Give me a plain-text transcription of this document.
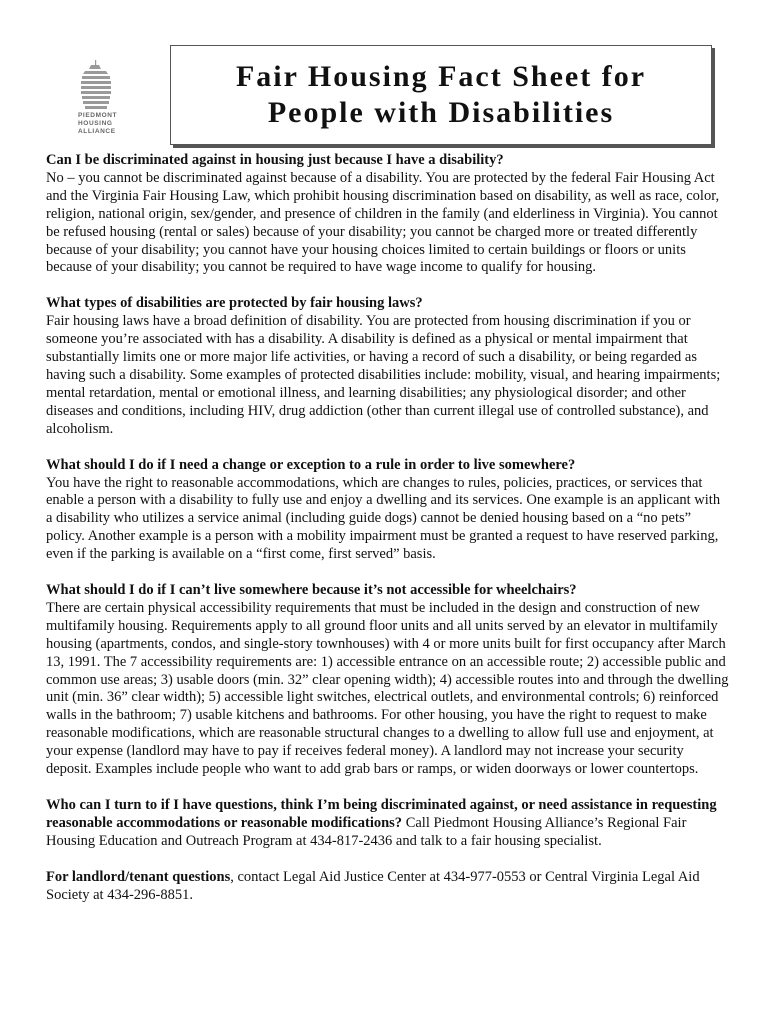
PIEDMONT
HOUSING
ALLIANCE
Fair Housing Fact Sheet for
People with Disabilities

Can I be discriminated against in housing just because I have a disability?

No – you cannot be discriminated against because of a disability. You are protected by the federal Fair Housing Act and the Virginia Fair Housing Law, which prohibit housing discrimination based on disability, as well as race, color, religion, national origin, sex/gender, and presence of children in the family (and elderliness in Virginia). You cannot be refused housing (rental or sales) because of your disability; you cannot be charged more or treated differently because of your disability; you cannot have your housing choices limited to certain buildings or floors or units because of your disability; you cannot be required to have wage income to qualify for housing.

What types of disabilities are protected by fair housing laws?

Fair housing laws have a broad definition of disability. You are protected from housing discrimination if you or someone you’re associated with has a disability. A disability is defined as a physical or mental impairment that substantially limits one or more major life activities, or having a record of such a disability, or being regarded as having such a disability. Some examples of protected disabilities include: mobility, visual, and hearing impairments; mental retardation, mental or emotional illness, and learning disabilities; any physiological disorder; and other diseases and conditions, including HIV, drug addiction (other than current illegal use of controlled substance), and alcoholism.

What should I do if I need a change or exception to a rule in order to live somewhere?

You have the right to reasonable accommodations, which are changes to rules, policies, practices, or services that enable a person with a disability to fully use and enjoy a dwelling and its services. One example is an applicant with a disability who utilizes a service animal (including guide dogs) cannot be denied housing based on a “no pets” policy. Another example is a person with a mobility impairment must be granted a request to have reserved parking, even if the parking is available on a “first come, first served” basis.

What should I do if I can’t live somewhere because it’s not accessible for wheelchairs?

There are certain physical accessibility requirements that must be included in the design and construction of new multifamily housing. Requirements apply to all ground floor units and all units served by an elevator in multifamily housing (apartments, condos, and single-story townhouses) with 4 or more units built for first occupancy after March 13, 1991. The 7 accessibility requirements are: 1) accessible entrance on an accessible route; 2) accessible public and common use areas; 3) usable doors (min. 32” clear opening width); 4) accessible routes into and through the dwelling unit (min. 36” clear width); 5) accessible light switches, electrical outlets, and environmental controls; 6) reinforced walls in the bathroom; 7) usable kitchens and bathrooms. For other housing, you have the right to request to make reasonable modifications, which are reasonable structural changes to a dwelling to allow full use and enjoyment, at your expense (landlord may have to pay if receives federal money). A landlord may not increase your security deposit. Examples include people who want to add grab bars or ramps, or widen doorways or lower countertops.

Who can I turn to if I have questions, think I’m being discriminated against, or need assistance in requesting reasonable accommodations or reasonable modifications? Call Piedmont Housing Alliance’s Regional Fair Housing Education and Outreach Program at 434-817-2436 and talk to a fair housing specialist.

For landlord/tenant questions, contact Legal Aid Justice Center at 434-977-0553 or Central Virginia Legal Aid Society at 434-296-8851.
